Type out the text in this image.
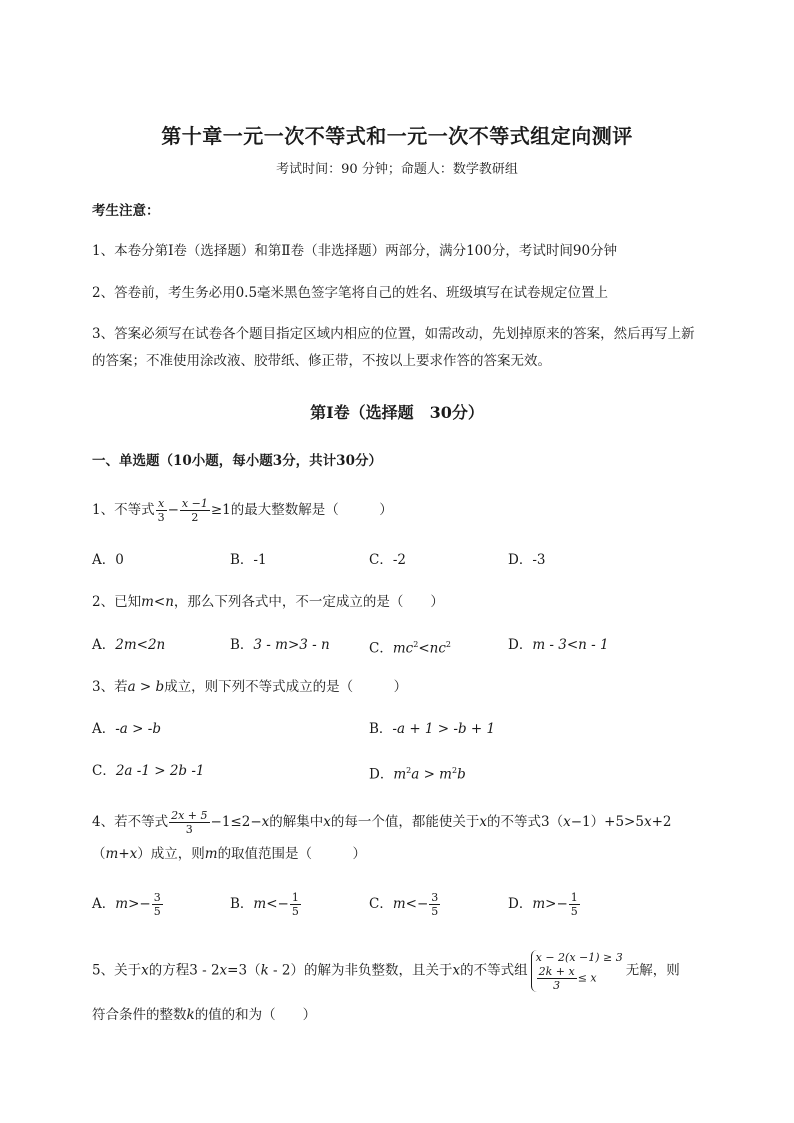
第十章一元一次不等式和一元一次不等式组定向测评
考试时间：90 分钟；命题人：数学教研组
考生注意：
1、本卷分第Ⅰ卷（选择题）和第Ⅱ卷（非选择题）两部分，满分100分，考试时间90分钟
2、答卷前，考生务必用0.5毫米黑色签字笔将自己的姓名、班级填写在试卷规定位置上
3、答案必须写在试卷各个题目指定区域内相应的位置，如需改动，先划掉原来的答案，然后再写上新
的答案；不准使用涂改液、胶带纸、修正带，不按以上要求作答的答案无效。
第Ⅰ卷（选择题　30分）
一、单选题（10小题，每小题3分，共计30分）
1、不等式 $\frac{x}{3} - \frac{x -1}{2} \ge 1$的最大整数解是（　　　）
A．0	B．-1	C．-2	D．-3
2、已知m<n，那么下列各式中，不一定成立的是（　　）
A．2m<2n	B．3 - m>3 - n	C．$mc^2<nc^2$	D．m - 3<n - 1
3、若a > b成立，则下列不等式成立的是（　　　）
A．-a > -b	B．-a + 1 > -b + 1
C．2a -1 > 2b -1	D．$m^2a > m^2b$
4、若不等式 $\frac{2x + 5}{3} -1\le 2-x$的解集中x的每一个值，都能使关于x的不等式3（x−1）+5>5x+2
（m+x）成立，则m的取值范围是（　　　）
A．$m>- \frac{3}{5}$	B．$m<- \frac{1}{5}$	C．$m<- \frac{3}{5}$	D．$m>- \frac{1}{5}$
5、关于x的方程3 - 2x=3（k - 2）的解为非负整数，且关于x的不等式组
x − 2(x −1) ≥ 3
$\frac{2k + x}{3} \le x$	无解，则
符合条件的整数k的值的和为（　　）
